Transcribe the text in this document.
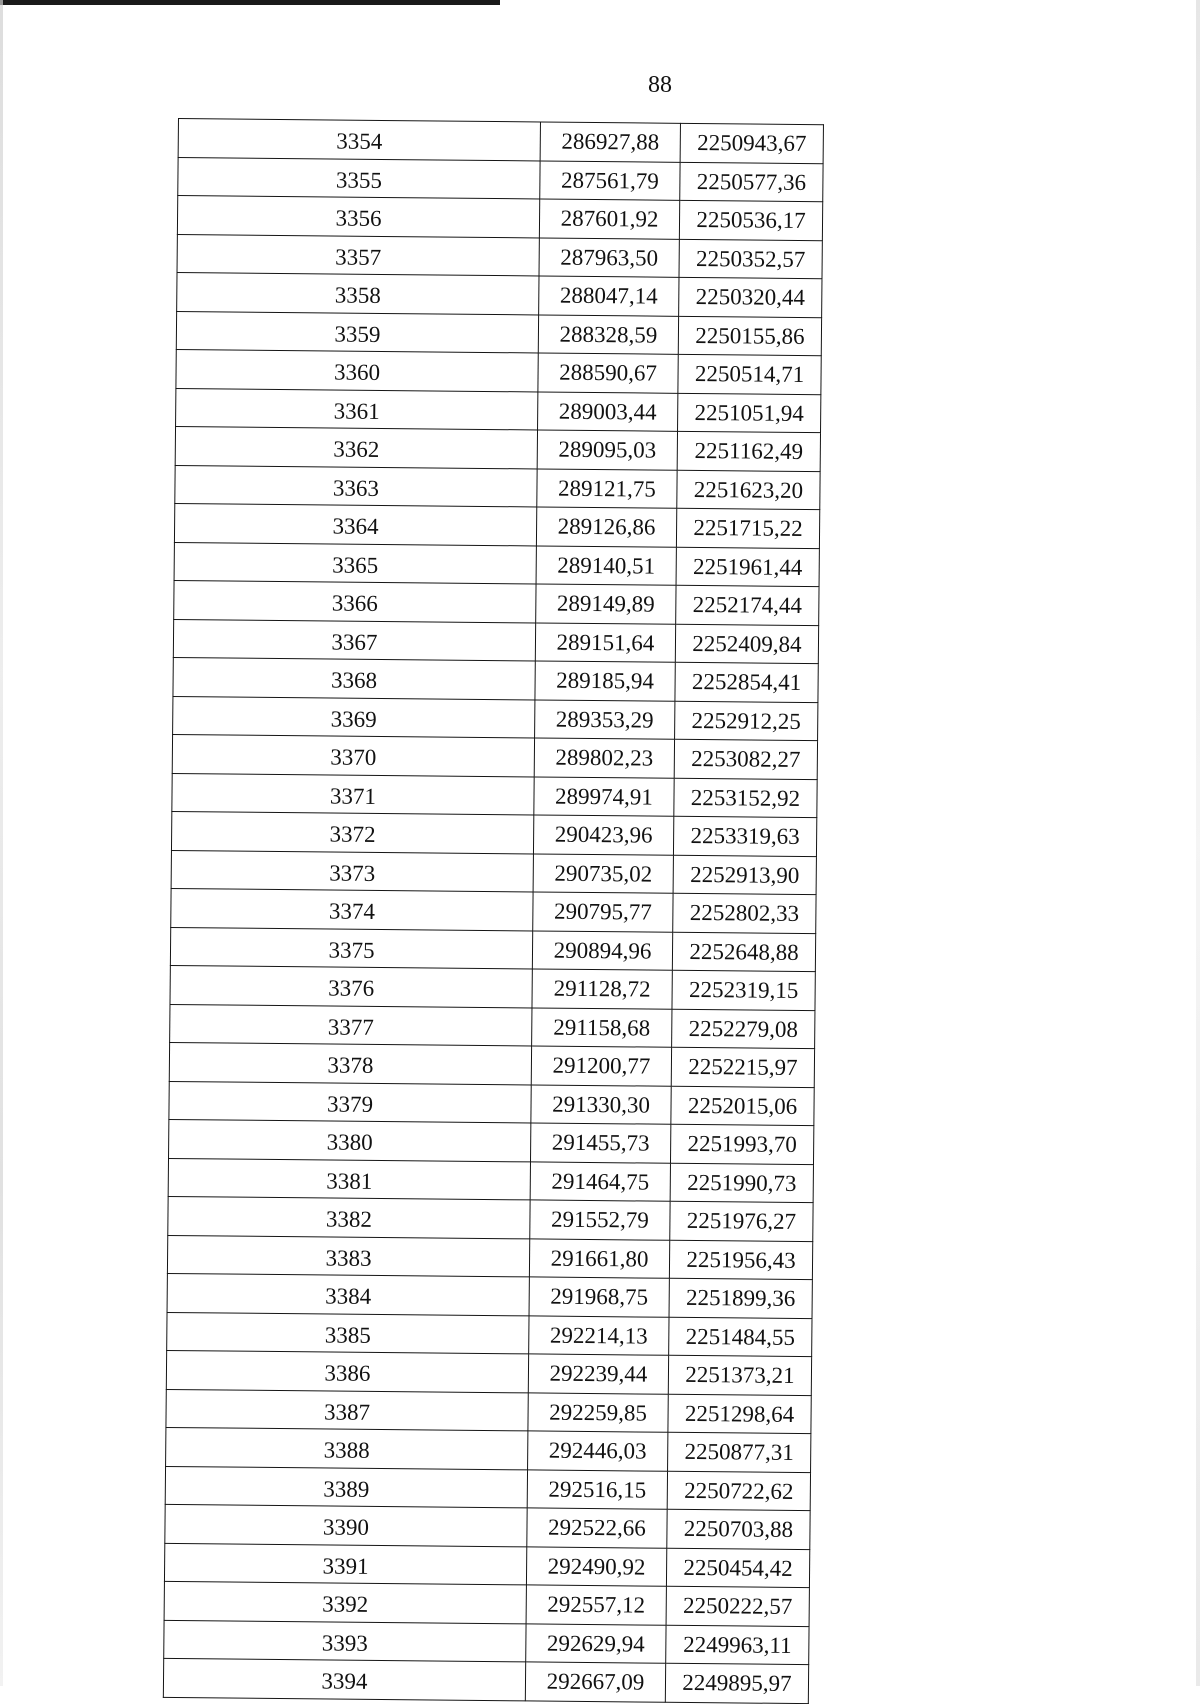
88
3354	286927,88	2250943,67
3355	287561,79	2250577,36
3356	287601,92	2250536,17
3357	287963,50	2250352,57
3358	288047,14	2250320,44
3359	288328,59	2250155,86
3360	288590,67	2250514,71
3361	289003,44	2251051,94
3362	289095,03	2251162,49
3363	289121,75	2251623,20
3364	289126,86	2251715,22
3365	289140,51	2251961,44
3366	289149,89	2252174,44
3367	289151,64	2252409,84
3368	289185,94	2252854,41
3369	289353,29	2252912,25
3370	289802,23	2253082,27
3371	289974,91	2253152,92
3372	290423,96	2253319,63
3373	290735,02	2252913,90
3374	290795,77	2252802,33
3375	290894,96	2252648,88
3376	291128,72	2252319,15
3377	291158,68	2252279,08
3378	291200,77	2252215,97
3379	291330,30	2252015,06
3380	291455,73	2251993,70
3381	291464,75	2251990,73
3382	291552,79	2251976,27
3383	291661,80	2251956,43
3384	291968,75	2251899,36
3385	292214,13	2251484,55
3386	292239,44	2251373,21
3387	292259,85	2251298,64
3388	292446,03	2250877,31
3389	292516,15	2250722,62
3390	292522,66	2250703,88
3391	292490,92	2250454,42
3392	292557,12	2250222,57
3393	292629,94	2249963,11
3394	292667,09	2249895,97
